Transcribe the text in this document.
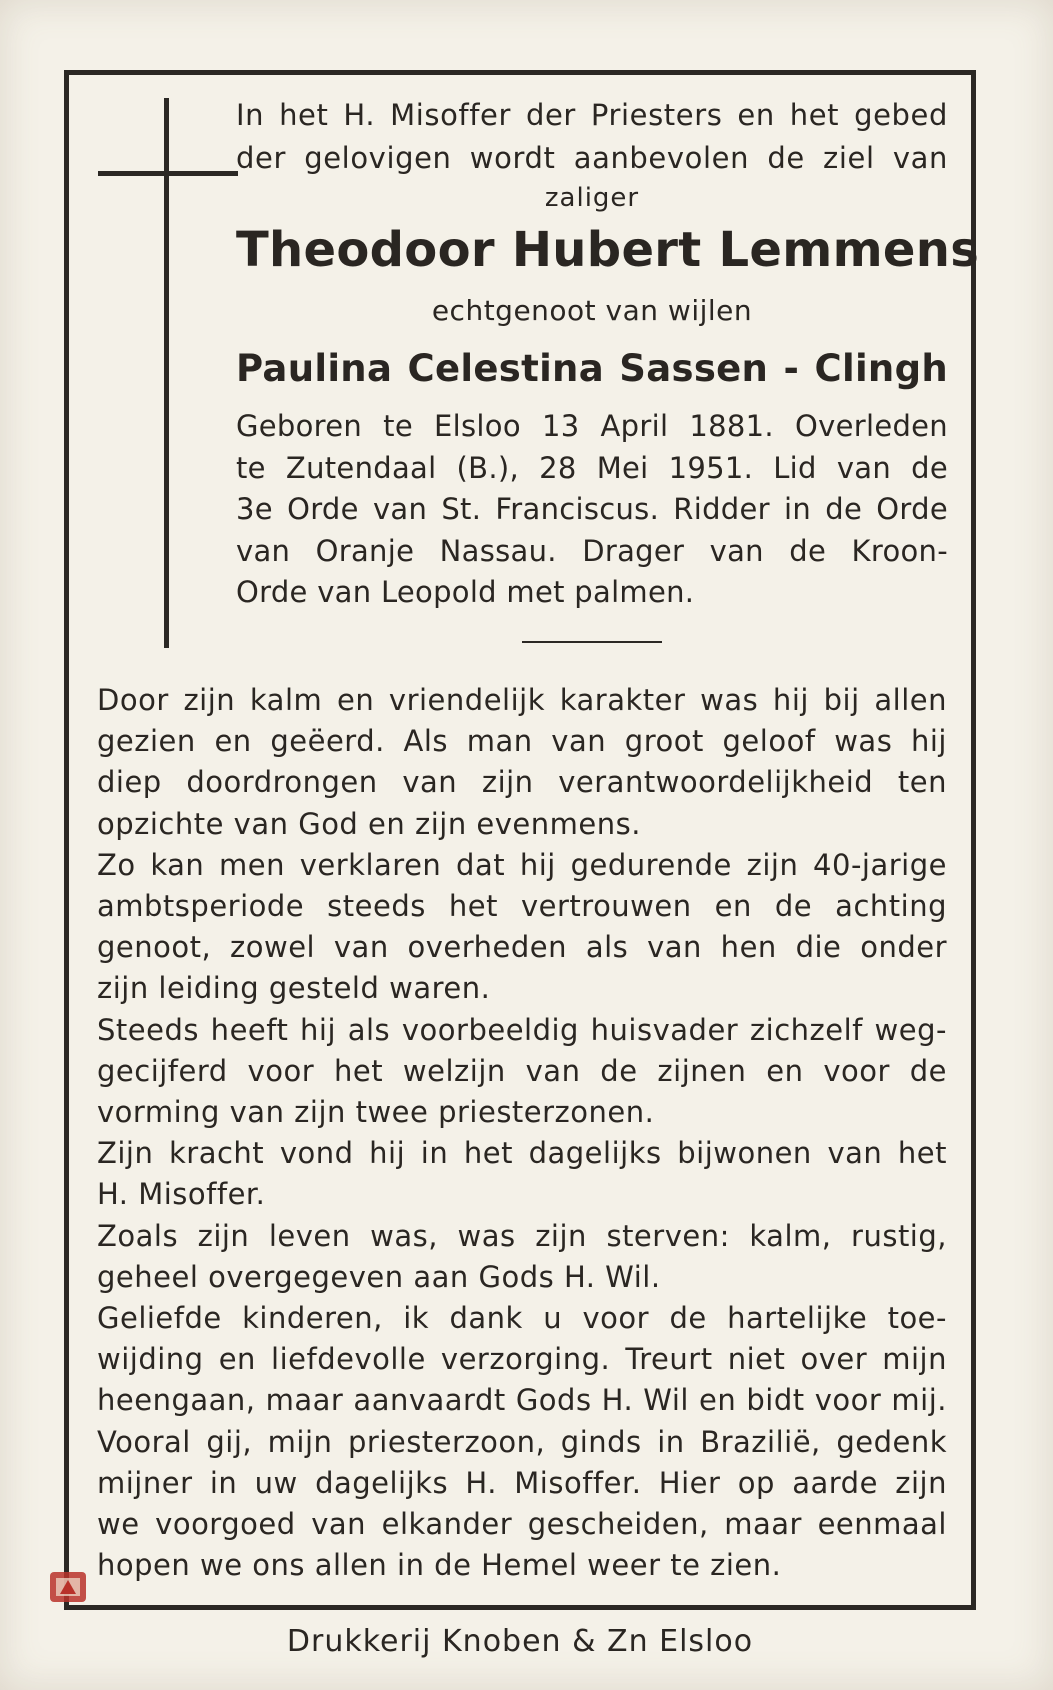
In het H. Misoffer der Priesters en het gebed
der gelovigen wordt aanbevolen de ziel van
zaliger
Theodoor Hubert Lemmens
echtgenoot van wijlen
Paulina Celestina Sassen - Clingh
Geboren te Elsloo 13 April 1881. Overleden
te Zutendaal (B.), 28 Mei 1951. Lid van de
3e Orde van St. Franciscus. Ridder in de Orde
van Oranje Nassau. Drager van de Kroon-
Orde van Leopold met palmen.
Door zijn kalm en vriendelijk karakter was hij bij allen
gezien en geëerd. Als man van groot geloof was hij
diep doordrongen van zijn verantwoordelijkheid ten
opzichte van God en zijn evenmens.
Zo kan men verklaren dat hij gedurende zijn 40-jarige
ambtsperiode steeds het vertrouwen en de achting
genoot, zowel van overheden als van hen die onder
zijn leiding gesteld waren.
Steeds heeft hij als voorbeeldig huisvader zichzelf weg-
gecijferd voor het welzijn van de zijnen en voor de
vorming van zijn twee priesterzonen.
Zijn kracht vond hij in het dagelijks bijwonen van het
H. Misoffer.
Zoals zijn leven was, was zijn sterven: kalm, rustig,
geheel overgegeven aan Gods H. Wil.
Geliefde kinderen, ik dank u voor de hartelijke toe-
wijding en liefdevolle verzorging. Treurt niet over mijn
heengaan, maar aanvaardt Gods H. Wil en bidt voor mij.
Vooral gij, mijn priesterzoon, ginds in Brazilië, gedenk
mijner in uw dagelijks H. Misoffer. Hier op aarde zijn
we voorgoed van elkander gescheiden, maar eenmaal
hopen we ons allen in de Hemel weer te zien.
Drukkerij Knoben & Zn Elsloo
